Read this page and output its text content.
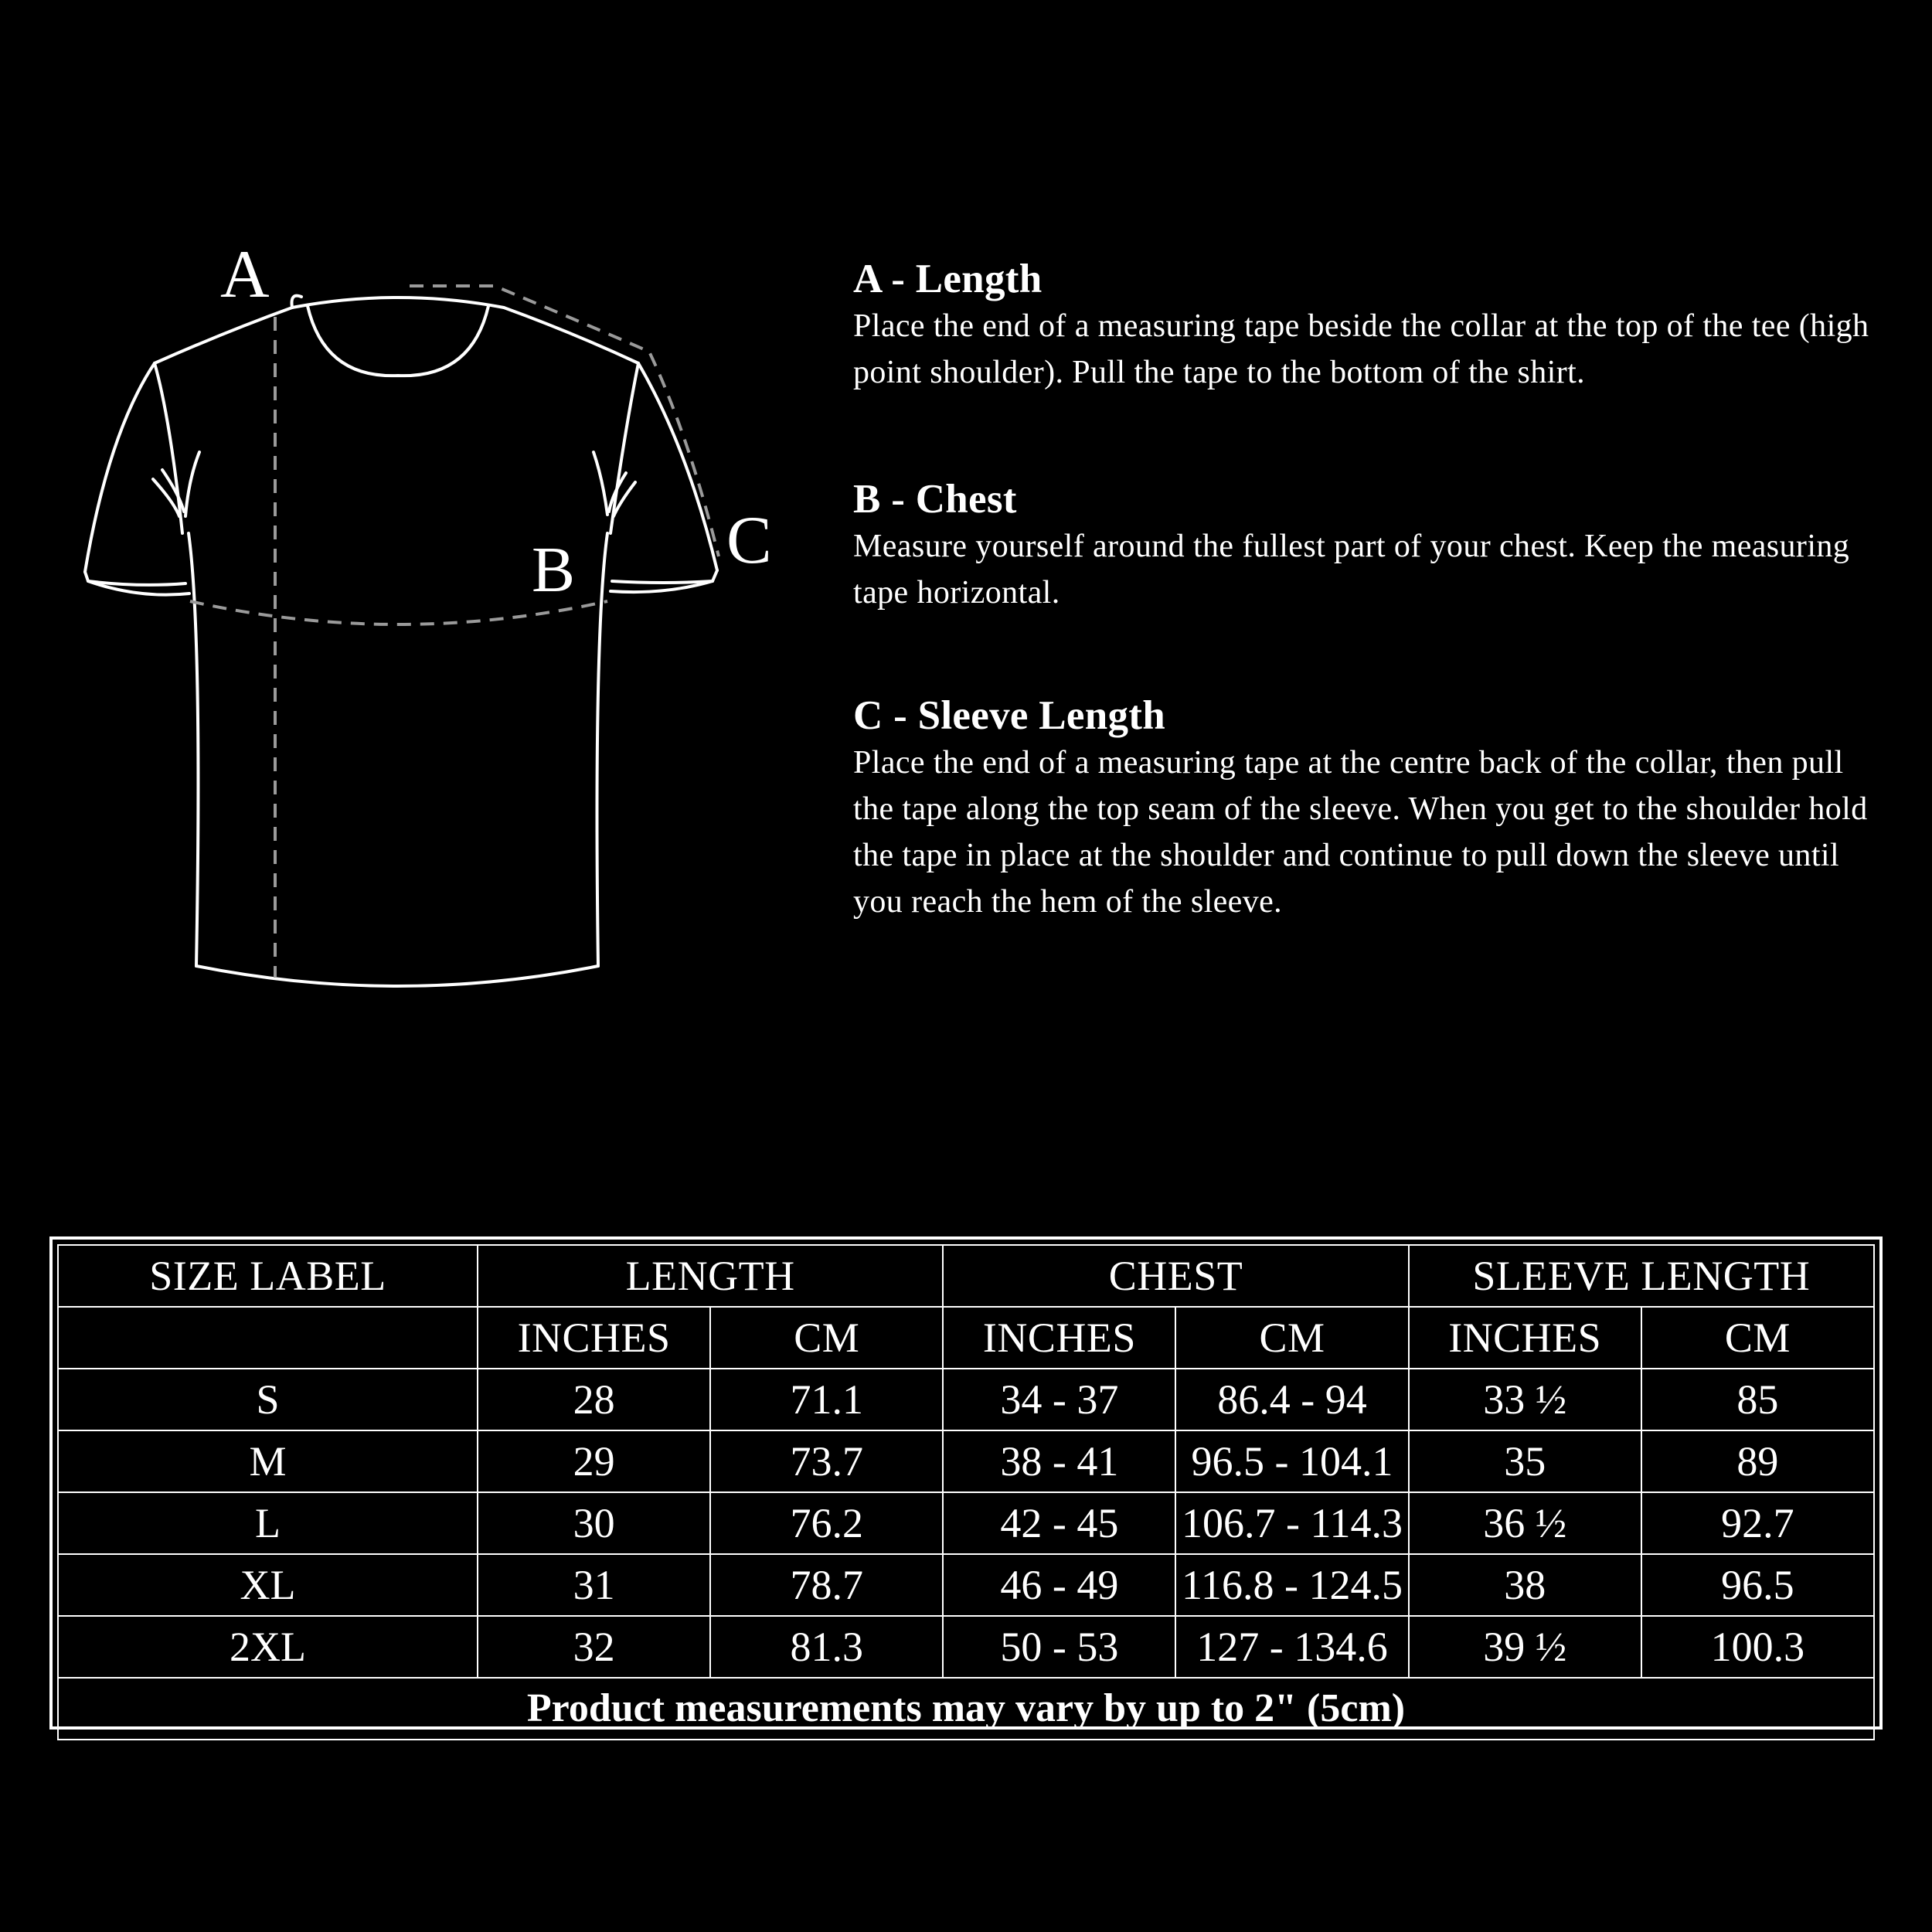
A
B C
A - Length

Place the end of a measuring tape beside the collar at the top of the tee (high point shoulder). Pull the tape to the bottom of the shirt.

B - Chest

Measure yourself around the fullest part of your chest. Keep the measuring tape horizontal.

C - Sleeve Length

Place the end of a measuring tape at the centre back of the collar, then pull the tape along the top seam of the sleeve. When you get to the shoulder hold the tape in place at the shoulder and continue to pull down the sleeve until you reach the hem of the sleeve.

SIZE LABEL	LENGTH		CHEST		SLEEVE LENGTH	
	INCHES	CM	INCHES	CM	INCHES	CM
S	28	71.1	34 - 37	86.4 - 94	33 ½	85
M	29	73.7	38 - 41	96.5 - 104.1	35	89
L	30	76.2	42 - 45	106.7 - 114.3	36 ½	92.7
XL	31	78.7	46 - 49	116.8 - 124.5	38	96.5
2XL	32	81.3	50 - 53	127 - 134.6	39 ½	100.3
Product measurements may vary by up to 2" (5cm)						
